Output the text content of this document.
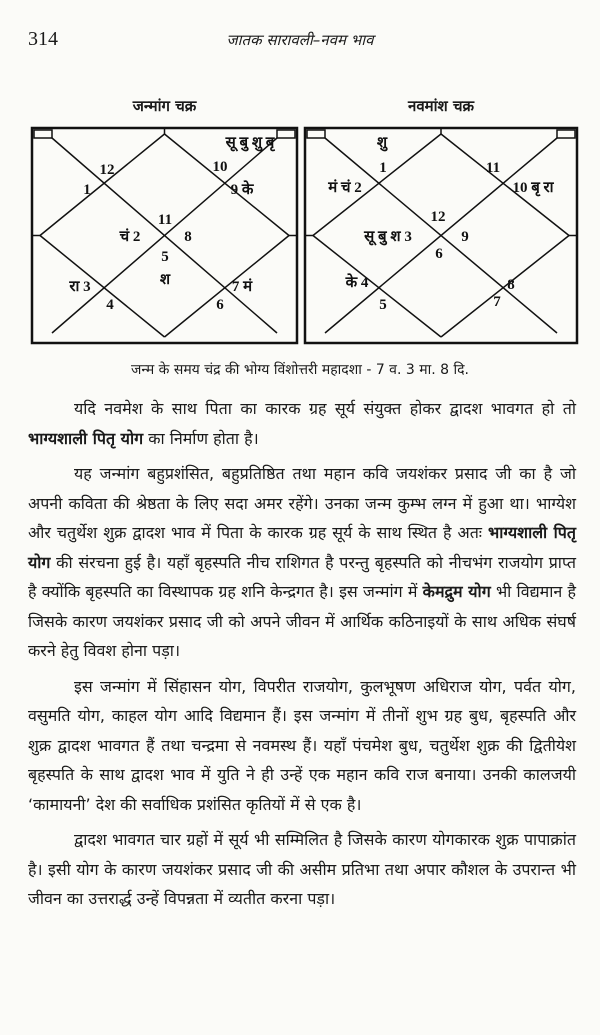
314	जातक सारावली–नवम भाव
जन्मांग चक्र	नवमांश चक्र
सू बु शु बृ
12
1
10
9 के
11
चं 2	8
5
श
रा 3	7 मं
4	6
शु
1
मं चं 2
11
10 बृ रा
12
सू बु श 3	9
6
के 4
5
8
7
जन्म के समय चंद्र की भोग्य विंशोत्तरी महादशा - 7 व. 3 मा. 8 दि.

यदि नवमेश के साथ पिता का कारक ग्रह सूर्य संयुक्त होकर द्वादश भावगत हो तो भाग्यशाली पितृ योग का निर्माण होता है।

यह जन्मांग बहुप्रशंसित, बहुप्रतिष्ठित तथा महान कवि जयशंकर प्रसाद जी का है जो अपनी कविता की श्रेष्ठता के लिए सदा अमर रहेंगे। उनका जन्म कुम्भ लग्न में हुआ था। भाग्येश और चतुर्थेश शुक्र द्वादश भाव में पिता के कारक ग्रह सूर्य के साथ स्थित है अतः भाग्यशाली पितृ योग की संरचना हुई है। यहाँ बृहस्पति नीच राशिगत है परन्तु बृहस्पति को नीचभंग राजयोग प्राप्त है क्योंकि बृहस्पति का विस्थापक ग्रह शनि केन्द्रगत है। इस जन्मांग में केमद्रुम योग भी विद्यमान है जिसके कारण जयशंकर प्रसाद जी को अपने जीवन में आर्थिक कठिनाइयों के साथ अधिक संघर्ष करने हेतु विवश होना पड़ा।

इस जन्मांग में सिंहासन योग, विपरीत राजयोग, कुलभूषण अधिराज योग, पर्वत योग, वसुमति योग, काहल योग आदि विद्यमान हैं। इस जन्मांग में तीनों शुभ ग्रह बुध, बृहस्पति और शुक्र द्वादश भावगत हैं तथा चन्द्रमा से नवमस्थ हैं। यहाँ पंचमेश बुध, चतुर्थेश शुक्र की द्वितीयेश बृहस्पति के साथ द्वादश भाव में युति ने ही उन्हें एक महान कवि राज बनाया। उनकी कालजयी ‘कामायनी’ देश की सर्वाधिक प्रशंसित कृतियों में से एक है।

द्वादश भावगत चार ग्रहों में सूर्य भी सम्मिलित है जिसके कारण योगकारक शुक्र पापाक्रांत है। इसी योग के कारण जयशंकर प्रसाद जी की असीम प्रतिभा तथा अपार कौशल के उपरान्त भी जीवन का उत्तरार्द्ध उन्हें विपन्नता में व्यतीत करना पड़ा।
